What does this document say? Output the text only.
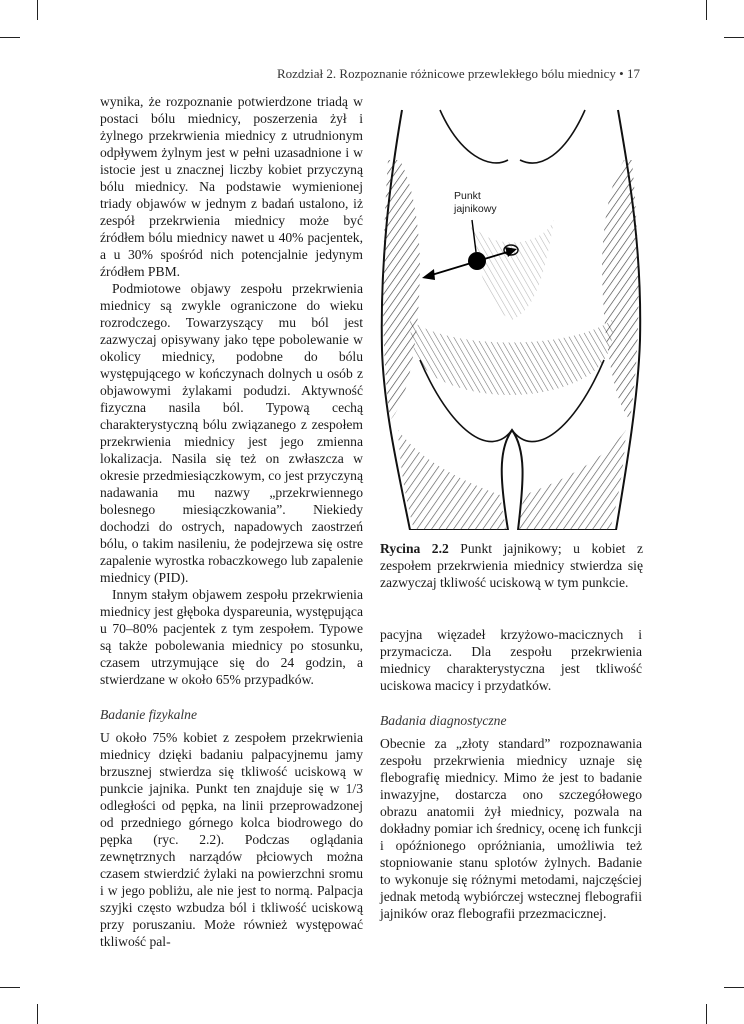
Rozdział 2. Rozpoznanie różnicowe przewlekłego bólu miednicy • 17

wynika, że rozpoznanie potwierdzone triadą w postaci bólu miednicy, poszerzenia żył i żylnego przekrwienia miednicy z utrudnionym odpływem żylnym jest w pełni uzasadnione i w istocie jest u znacznej liczby kobiet przyczyną bólu miednicy. Na podstawie wymienionej triady objawów w jednym z badań ustalono, iż zespół przekrwienia miednicy może być źródłem bólu miednicy nawet u 40% pacjentek, a u 30% spośród nich potencjalnie jedynym źródłem PBM.

Podmiotowe objawy zespołu przekrwienia miednicy są zwykle ograniczone do wieku rozrodczego. Towarzyszący mu ból jest zazwyczaj opisywany jako tępe pobolewanie w okolicy miednicy, podobne do bólu występującego w kończynach dolnych u osób z objawowymi żylakami podudzi. Aktywność fizyczna nasila ból. Typową cechą charakterystyczną bólu związanego z zespołem przekrwienia miednicy jest jego zmienna lokalizacja. Nasila się też on zwłaszcza w okresie przedmiesiączkowym, co jest przyczyną nadawania mu nazwy „przekrwiennego bolesnego miesiączkowania”. Niekiedy dochodzi do ostrych, napadowych zaostrzeń bólu, o takim nasileniu, że podejrzewa się ostre zapalenie wyrostka robaczkowego lub zapalenie miednicy (PID).

Innym stałym objawem zespołu przekrwienia miednicy jest głęboka dyspareunia, występująca u 70–80% pacjentek z tym zespołem. Typowe są także pobolewania miednicy po stosunku, czasem utrzymujące się do 24 godzin, a stwierdzane w około 65% przypadków.

Badanie fizykalne

U około 75% kobiet z zespołem przekrwienia miednicy dzięki badaniu palpacyjnemu jamy brzusznej stwierdza się tkliwość uciskową w punkcie jajnika. Punkt ten znajduje się w 1/3 odległości od pępka, na linii przeprowadzonej od przedniego górnego kolca biodrowego do pępka (ryc. 2.2). Podczas oglądania zewnętrznych narządów płciowych można czasem stwierdzić żylaki na powierzchni sromu i w jego pobliżu, ale nie jest to normą. Palpacja szyjki często wzbudza ból i tkliwość uciskową przy poruszaniu. Może również występować tkliwość pal-

Punkt
jajnikowy
Rycina 2.2 Punkt jajnikowy; u kobiet z zespołem przekrwienia miednicy stwierdza się zazwyczaj tkliwość uciskową w tym punkcie.

pacyjna więzadeł krzyżowo-macicznych i przymacicza. Dla zespołu przekrwienia miednicy charakterystyczna jest tkliwość uciskowa macicy i przydatków.

Badania diagnostyczne

Obecnie za „złoty standard” rozpoznawania zespołu przekrwienia miednicy uznaje się flebografię miednicy. Mimo że jest to badanie inwazyjne, dostarcza ono szczegółowego obrazu anatomii żył miednicy, pozwala na dokładny pomiar ich średnicy, ocenę ich funkcji i opóźnionego opróżniania, umożliwia też stopniowanie stanu splotów żylnych. Badanie to wykonuje się różnymi metodami, najczęściej jednak metodą wybiórczej wstecznej flebografii jajników oraz flebografii przezmacicznej.
